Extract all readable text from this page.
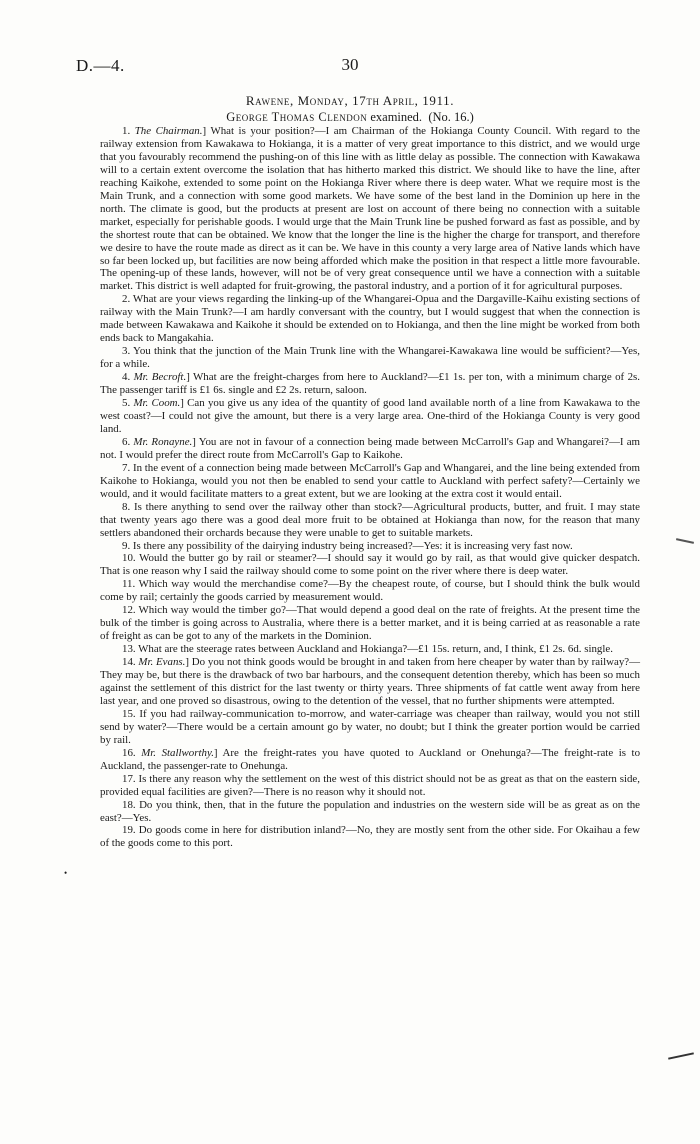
D.—4.	30
Rawene, Monday, 17th April, 1911.
George Thomas Clendon examined. (No. 16.)

1. The Chairman.] What is your position?—I am Chairman of the Hokianga County Council. With regard to the railway extension from Kawakawa to Hokianga, it is a matter of very great importance to this district, and we would urge that you favourably recommend the pushing-on of this line with as little delay as possible. The connection with Kawakawa will to a certain extent overcome the isolation that has hitherto marked this district. We should like to have the line, after reaching Kaikohe, extended to some point on the Hokianga River where there is deep water. What we require most is the Main Trunk, and a connection with some good markets. We have some of the best land in the Dominion up here in the north. The climate is good, but the products at present are lost on account of there being no connection with a suitable market, especially for perishable goods. I would urge that the Main Trunk line be pushed forward as fast as possible, and by the shortest route that can be obtained. We know that the longer the line is the higher the charge for transport, and therefore we desire to have the route made as direct as it can be. We have in this county a very large area of Native lands which have so far been locked up, but facilities are now being afforded which make the position in that respect a little more favourable. The opening-up of these lands, however, will not be of very great consequence until we have a connection with a suitable market. This district is well adapted for fruit-growing, the pastoral industry, and a portion of it for agricultural purposes.

2. What are your views regarding the linking-up of the Whangarei-Opua and the Dargaville-Kaihu existing sections of railway with the Main Trunk?—I am hardly conversant with the country, but I would suggest that when the connection is made between Kawakawa and Kaikohe it should be extended on to Hokianga, and then the line might be worked from both ends back to Mangakahia.

3. You think that the junction of the Main Trunk line with the Whangarei-Kawakawa line would be sufficient?—Yes, for a while.

4. Mr. Becroft.] What are the freight-charges from here to Auckland?—£1 1s. per ton, with a minimum charge of 2s. The passenger tariff is £1 6s. single and £2 2s. return, saloon.

5. Mr. Coom.] Can you give us any idea of the quantity of good land available north of a line from Kawakawa to the west coast?—I could not give the amount, but there is a very large area. One-third of the Hokianga County is very good land.

6. Mr. Ronayne.] You are not in favour of a connection being made between McCarroll's Gap and Whangarei?—I am not. I would prefer the direct route from McCarroll's Gap to Kaikohe.

7. In the event of a connection being made between McCarroll's Gap and Whangarei, and the line being extended from Kaikohe to Hokianga, would you not then be enabled to send your cattle to Auckland with perfect safety?—Certainly we would, and it would facilitate matters to a great extent, but we are looking at the extra cost it would entail.

8. Is there anything to send over the railway other than stock?—Agricultural products, butter, and fruit. I may state that twenty years ago there was a good deal more fruit to be obtained at Hokianga than now, for the reason that many settlers abandoned their orchards because they were unable to get to suitable markets.

9. Is there any possibility of the dairying industry being increased?—Yes: it is increasing very fast now.

10. Would the butter go by rail or steamer?—I should say it would go by rail, as that would give quicker despatch. That is one reason why I said the railway should come to some point on the river where there is deep water.

11. Which way would the merchandise come?—By the cheapest route, of course, but I should think the bulk would come by rail; certainly the goods carried by measurement would.

12. Which way would the timber go?—That would depend a good deal on the rate of freights. At the present time the bulk of the timber is going across to Australia, where there is a better market, and it is being carried at as reasonable a rate of freight as can be got to any of the markets in the Dominion.

13. What are the steerage rates between Auckland and Hokianga?—£1 15s. return, and, I think, £1 2s. 6d. single.

14. Mr. Evans.] Do you not think goods would be brought in and taken from here cheaper by water than by railway?—They may be, but there is the drawback of two bar harbours, and the consequent detention thereby, which has been so much against the settlement of this district for the last twenty or thirty years. Three shipments of fat cattle went away from here last year, and one proved so disastrous, owing to the detention of the vessel, that no further shipments were attempted.

15. If you had railway-communication to-morrow, and water-carriage was cheaper than railway, would you not still send by water?—There would be a certain amount go by water, no doubt; but I think the greater portion would be carried by rail.

16. Mr. Stallworthy.] Are the freight-rates you have quoted to Auckland or Onehunga?—The freight-rate is to Auckland, the passenger-rate to Onehunga.

17. Is there any reason why the settlement on the west of this district should not be as great as that on the eastern side, provided equal facilities are given?—There is no reason why it should not.

18. Do you think, then, that in the future the population and industries on the western side will be as great as on the east?—Yes.

19. Do goods come in here for distribution inland?—No, they are mostly sent from the other side. For Okaihau a few of the goods come to this port.

•
